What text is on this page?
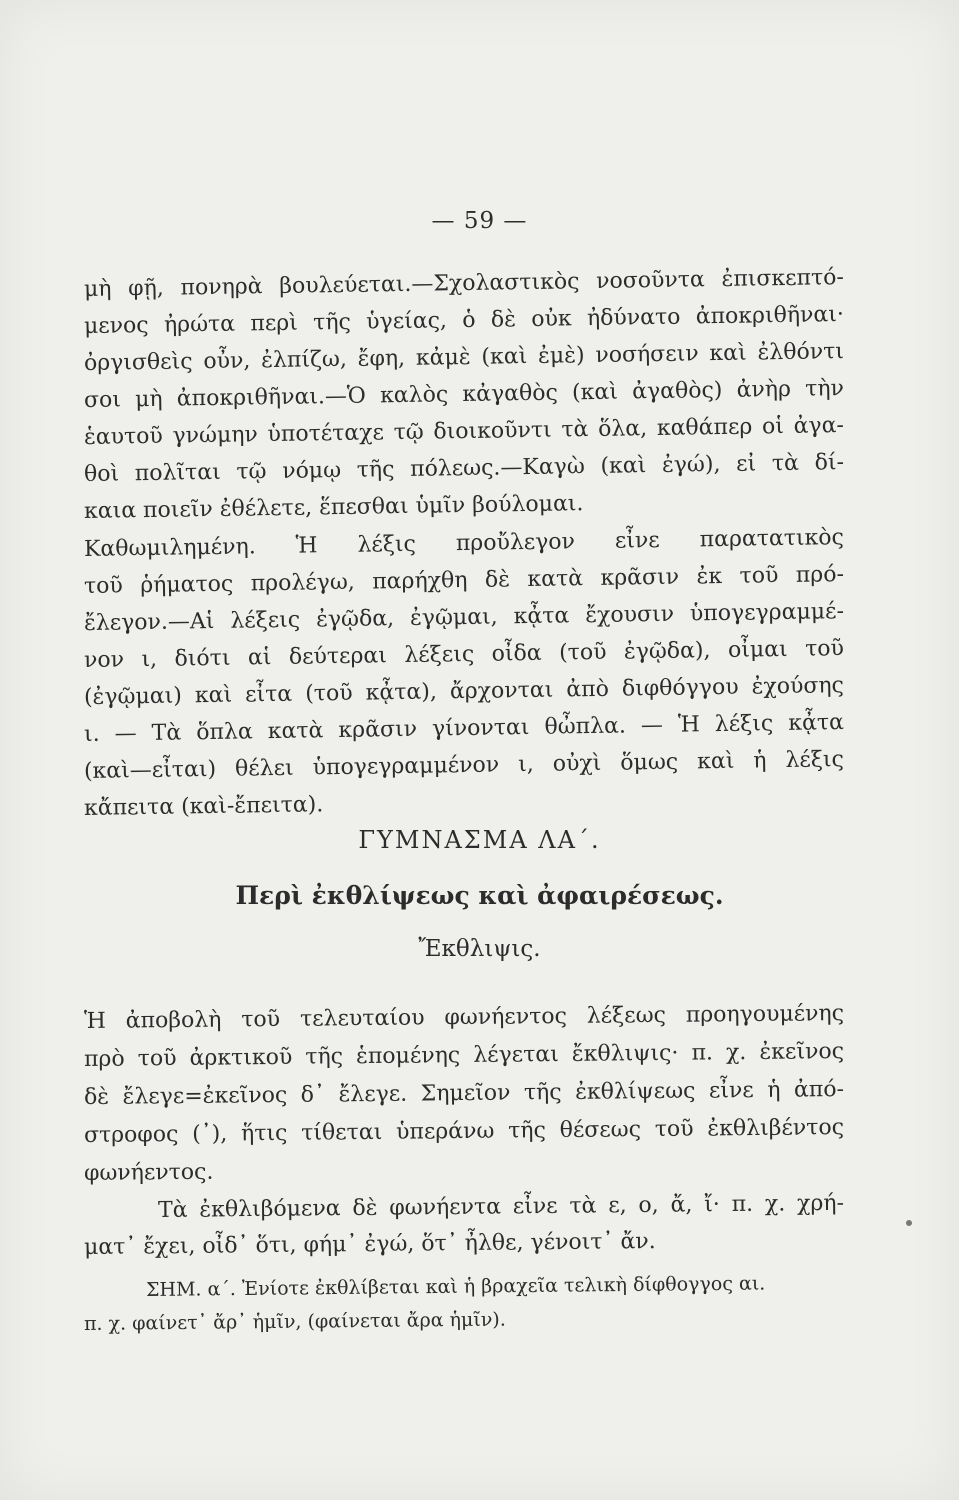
— 59 —
μὴ φῇ, πονηρὰ βουλεύεται.—Σχολαστικὸς νοσοῦντα ἐπισκεπτό-
μενος ἠρώτα περὶ τῆς ὑγείας, ὁ δὲ οὐκ ἠδύνατο ἀποκριθῆναι·
ὀργισθεὶς οὖν, ἐλπίζω, ἔφη, κἀμὲ (καὶ ἐμὲ) νοσήσειν καὶ ἐλθόντι
σοι μὴ ἀποκριθῆναι.—Ὁ καλὸς κἀγαθὸς (καὶ ἀγαθὸς) ἀνὴρ τὴν
ἑαυτοῦ γνώμην ὑποτέταχε τῷ διοικοῦντι τὰ ὅλα, καθάπερ οἱ ἀγα-
θοὶ πολῖται τῷ νόμῳ τῆς πόλεως.—Καγὼ (καὶ ἐγώ), εἰ τὰ δί-
καια ποιεῖν ἐθέλετε, ἕπεσθαι ὑμῖν βούλομαι.
Καθωμιλημένη. Ἡ λέξις προὔλεγον εἶνε παρατατικὸς
τοῦ ῥήματος προλέγω, παρήχθη δὲ κατὰ κρᾶσιν ἐκ τοῦ πρό-
ἔλεγον.—Αἱ λέξεις ἐγῷδα, ἐγῷμαι, κᾆτα ἔχουσιν ὑπογεγραμμέ-
νον ι, διότι αἱ δεύτεραι λέξεις οἶδα (τοῦ ἐγῷδα), οἶμαι τοῦ
(ἐγῷμαι) καὶ εἶτα (τοῦ κᾆτα), ἄρχονται ἀπὸ διφθόγγου ἐχούσης
ι. — Τὰ ὅπλα κατὰ κρᾶσιν γίνονται θὦπλα. — Ἡ λέξις κᾆτα
(καὶ—εἶται) θέλει ὑπογεγραμμένον ι, οὐχὶ ὅμως καὶ ἡ λέξις
κἄπειτα (καὶ-ἔπειτα).
ΓΥΜΝΑΣΜΑ ΛΑ΄.
Περὶ ἐκθλίψεως καὶ ἀφαιρέσεως.
Ἔκθλιψις.
Ἡ ἀποβολὴ τοῦ τελευταίου φωνήεντος λέξεως προηγουμένης
πρὸ τοῦ ἀρκτικοῦ τῆς ἑπομένης λέγεται ἔκθλιψις· π. χ. ἐκεῖνος
δὲ ἔλεγε=ἐκεῖνος δ᾿ ἔλεγε. Σημεῖον τῆς ἐκθλίψεως εἶνε ἡ ἀπό-
στροφος (᾿), ἥτις τίθεται ὑπεράνω τῆς θέσεως τοῦ ἐκθλιβέντος
φωνήεντος.
Τὰ ἐκθλιβόμενα δὲ φωνήεντα εἶνε τὰ ε, ο, ἄ, ἴ· π. χ. χρή-
ματ᾿ ἔχει, οἶδ᾿ ὅτι, φήμ᾿ ἐγώ, ὅτ᾿ ἦλθε, γένοιτ᾿ ἄν.
ΣΗΜ. α΄. Ἐνίοτε ἐκθλίβεται καὶ ἡ βραχεῖα τελικὴ δίφθογγος αι.
π. χ. φαίνετ᾿ ἄρ᾿ ἡμῖν, (φαίνεται ἄρα ἡμῖν).
